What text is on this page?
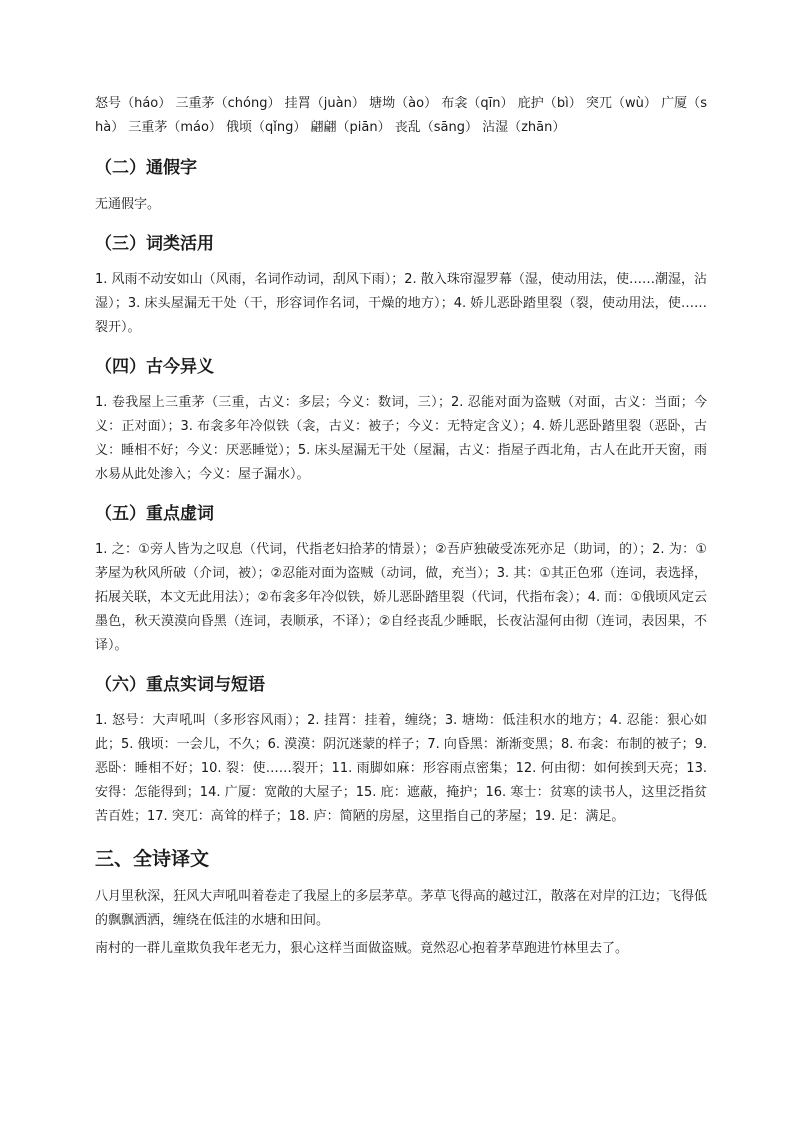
怒号（háo） 三重茅（chóng） 挂罥（juàn） 塘坳（ào） 布衾（qīn） 庇护（bì） 突兀（wù） 广厦（shà） 三重茅（máo） 俄顷（qǐng） 翩翩（piān） 丧乱（sāng） 沾湿（zhān）

（二）通假字

无通假字。

（三）词类活用

1. 风雨不动安如山（风雨，名词作动词，刮风下雨）；2. 散入珠帘湿罗幕（湿，使动用法，使……潮湿，沾湿）；3. 床头屋漏无干处（干，形容词作名词，干燥的地方）；4. 娇儿恶卧踏里裂（裂，使动用法，使……裂开）。

（四）古今异义

1. 卷我屋上三重茅（三重，古义：多层；今义：数词，三）；2. 忍能对面为盗贼（对面，古义：当面；今义：正对面）；3. 布衾多年冷似铁（衾，古义：被子；今义：无特定含义）；4. 娇儿恶卧踏里裂（恶卧，古义：睡相不好；今义：厌恶睡觉）；5. 床头屋漏无干处（屋漏，古义：指屋子西北角，古人在此开天窗，雨水易从此处渗入；今义：屋子漏水）。

（五）重点虚词

1. 之：①旁人皆为之叹息（代词，代指老妇拾茅的情景）；②吾庐独破受冻死亦足（助词，的）；2. 为：①茅屋为秋风所破（介词，被）；②忍能对面为盗贼（动词，做，充当）；3. 其：①其正色邪（连词，表选择，拓展关联，本文无此用法）；②布衾多年冷似铁，娇儿恶卧踏里裂（代词，代指布衾）；4. 而：①俄顷风定云墨色，秋天漠漠向昏黑（连词，表顺承，不译）；②自经丧乱少睡眠，长夜沾湿何由彻（连词，表因果，不译）。

（六）重点实词与短语

1. 怒号：大声吼叫（多形容风雨）；2. 挂罥：挂着，缠绕；3. 塘坳：低洼积水的地方；4. 忍能：狠心如此；5. 俄顷：一会儿，不久；6. 漠漠：阴沉迷蒙的样子；7. 向昏黑：渐渐变黑；8. 布衾：布制的被子；9. 恶卧：睡相不好；10. 裂：使……裂开；11. 雨脚如麻：形容雨点密集；12. 何由彻：如何挨到天亮；13. 安得：怎能得到；14. 广厦：宽敞的大屋子；15. 庇：遮蔽，掩护；16. 寒士：贫寒的读书人，这里泛指贫苦百姓；17. 突兀：高耸的样子；18. 庐：简陋的房屋，这里指自己的茅屋；19. 足：满足。

三、全诗译文

八月里秋深，狂风大声吼叫着卷走了我屋上的多层茅草。茅草飞得高的越过江，散落在对岸的江边；飞得低的飘飘洒洒，缠绕在低洼的水塘和田间。

南村的一群儿童欺负我年老无力，狠心这样当面做盗贼。竟然忍心抱着茅草跑进竹林里去了。
